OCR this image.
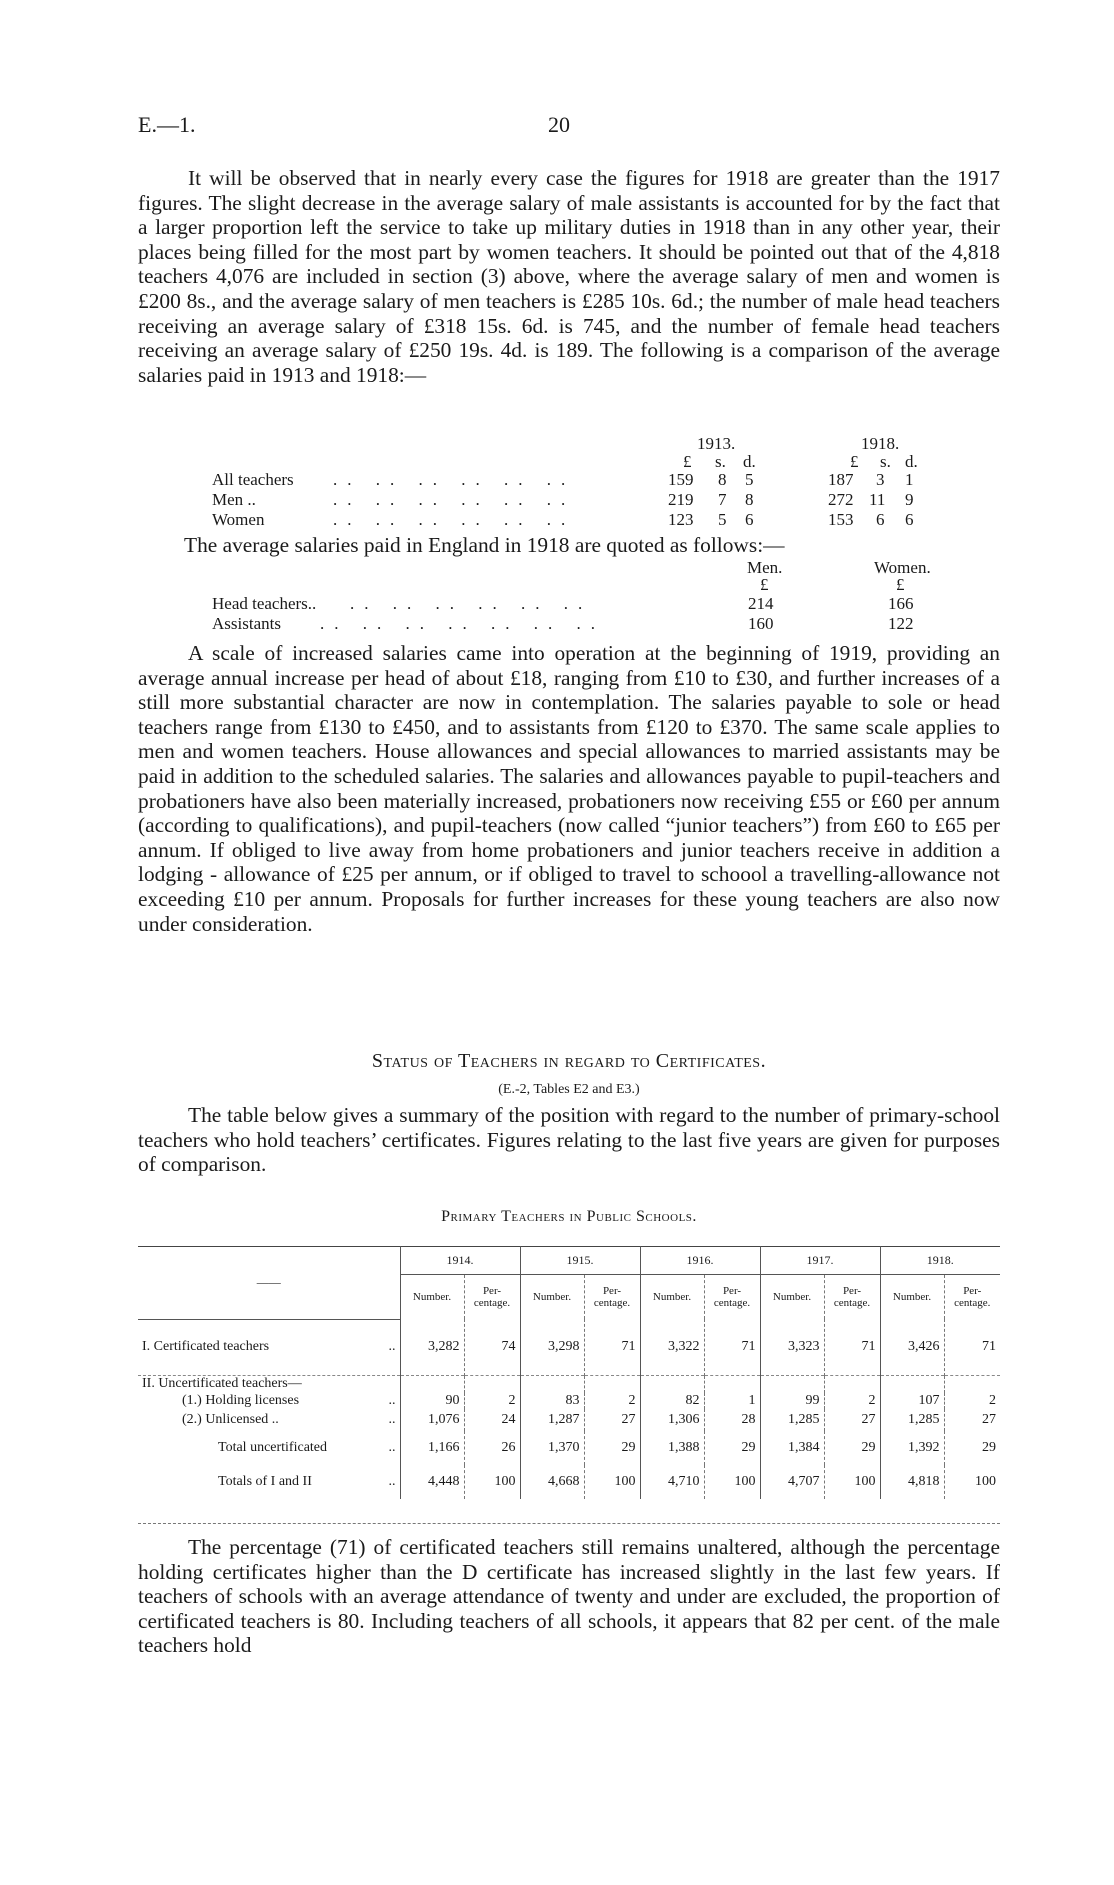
E.—1.	20

It will be observed that in nearly every case the figures for 1918 are greater than the 1917 figures. The slight decrease in the average salary of male assistants is accounted for by the fact that a larger proportion left the service to take up military duties in 1918 than in any other year, their places being filled for the most part by women teachers. It should be pointed out that of the 4,818 teachers 4,076 are included in section (3) above, where the average salary of men and women is £200 8s., and the average salary of men teachers is £285 10s. 6d.; the number of male head teachers receiving an average salary of £318 15s. 6d. is 745, and the number of female head teachers receiving an average salary of £250 19s. 4d. is 189. The following is a comparison of the average salaries paid in 1913 and 1918:—

1913.	1918.
£ s. d.	£ s. d.
All teachers .. .. .. .. .. ..	159 8 5	187 3 1
Men ..	.. .. .. .. .. ..	219 7 8	272 11 9
Women	.. .. .. .. .. ..	123 5 6	153 6 6

The average salaries paid in England in 1918 are quoted as follows:—

Men.	Women.
£	£
Head teachers.. .. .. .. .. .. ..	214	166
Assistants .. .. .. .. .. .. ..	160	122

A scale of increased salaries came into operation at the beginning of 1919, providing an average annual increase per head of about £18, ranging from £10 to £30, and further increases of a still more substantial character are now in contemplation. The salaries payable to sole or head teachers range from £130 to £450, and to assistants from £120 to £370. The same scale applies to men and women teachers. House allowances and special allowances to married assistants may be paid in addition to the scheduled salaries. The salaries and allowances payable to pupil-teachers and probationers have also been materially increased, probationers now receiving £55 or £60 per annum (according to qualifications), and pupil-teachers (now called “junior teachers”) from £60 to £65 per annum. If obliged to live away from home probationers and junior teachers receive in addition a lodging - allowance of £25 per annum, or if obliged to travel to schoool a travelling-allowance not exceeding £10 per annum. Proposals for further increases for these young teachers are also now under consideration.

Status of Teachers in regard to Certificates.
(E.-2, Tables E2 and E3.)

The table below gives a summary of the position with regard to the number of primary-school teachers who hold teachers’ certificates. Figures relating to the last five years are given for purposes of comparison.

Primary Teachers in Public Schools.
——	1914.		1915.		1916.		1917.		1918.	
	Number.	Per-centage.	Number.	Per-centage.	Number.	Per-centage.	Number.	Per-centage.	Number.	Per-centage.
I. Certificated teachers ..	3,282	74	3,298	71	3,322	71	3,323	71	3,426	71
II. Uncertificated teachers—										
(1.) Holding licenses ..	90	2	83	2	82	1	99	2	107	2
(2.) Unlicensed .. ..	1,076	24	1,287	27	1,306	28	1,285	27	1,285	27
Total uncertificated ..	1,166	26	1,370	29	1,388	29	1,384	29	1,392	29
Totals of I and II ..	4,448	100	4,668	100	4,710	100	4,707	100	4,818	100

The percentage (71) of certificated teachers still remains unaltered, although the percentage holding certificates higher than the D certificate has increased slightly in the last few years. If teachers of schools with an average attendance of twenty and under are excluded, the proportion of certificated teachers is 80. Including teachers of all schools, it appears that 82 per cent. of the male teachers hold
